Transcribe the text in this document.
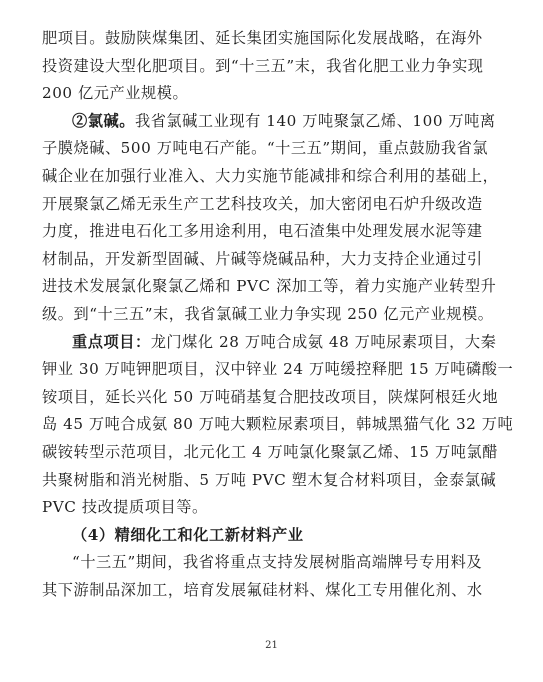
肥项目。鼓励陕煤集团、延长集团实施国际化发展战略，在海外
投资建设大型化肥项目。到“十三五”末，我省化肥工业力争实现
200 亿元产业规模。
②氯碱。我省氯碱工业现有 140 万吨聚氯乙烯、100 万吨离
子膜烧碱、500 万吨电石产能。“十三五”期间，重点鼓励我省氯
碱企业在加强行业准入、大力实施节能减排和综合利用的基础上，
开展聚氯乙烯无汞生产工艺科技攻关，加大密闭电石炉升级改造
力度，推进电石化工多用途利用，电石渣集中处理发展水泥等建
材制品，开发新型固碱、片碱等烧碱品种，大力支持企业通过引
进技术发展氯化聚氯乙烯和 PVC 深加工等，着力实施产业转型升
级。到“十三五”末，我省氯碱工业力争实现 250 亿元产业规模。
重点项目：龙门煤化 28 万吨合成氨 48 万吨尿素项目，大秦
钾业 30 万吨钾肥项目，汉中锌业 24 万吨缓控释肥 15 万吨磷酸一
铵项目，延长兴化 50 万吨硝基复合肥技改项目，陕煤阿根廷火地
岛 45 万吨合成氨 80 万吨大颗粒尿素项目，韩城黑猫气化 32 万吨
碳铵转型示范项目，北元化工 4 万吨氯化聚氯乙烯、15 万吨氯醋
共聚树脂和消光树脂、5 万吨 PVC 塑木复合材料项目，金泰氯碱
PVC 技改提质项目等。
（4）精细化工和化工新材料产业
“十三五”期间，我省将重点支持发展树脂高端牌号专用料及
其下游制品深加工，培育发展氟硅材料、煤化工专用催化剂、水
21
